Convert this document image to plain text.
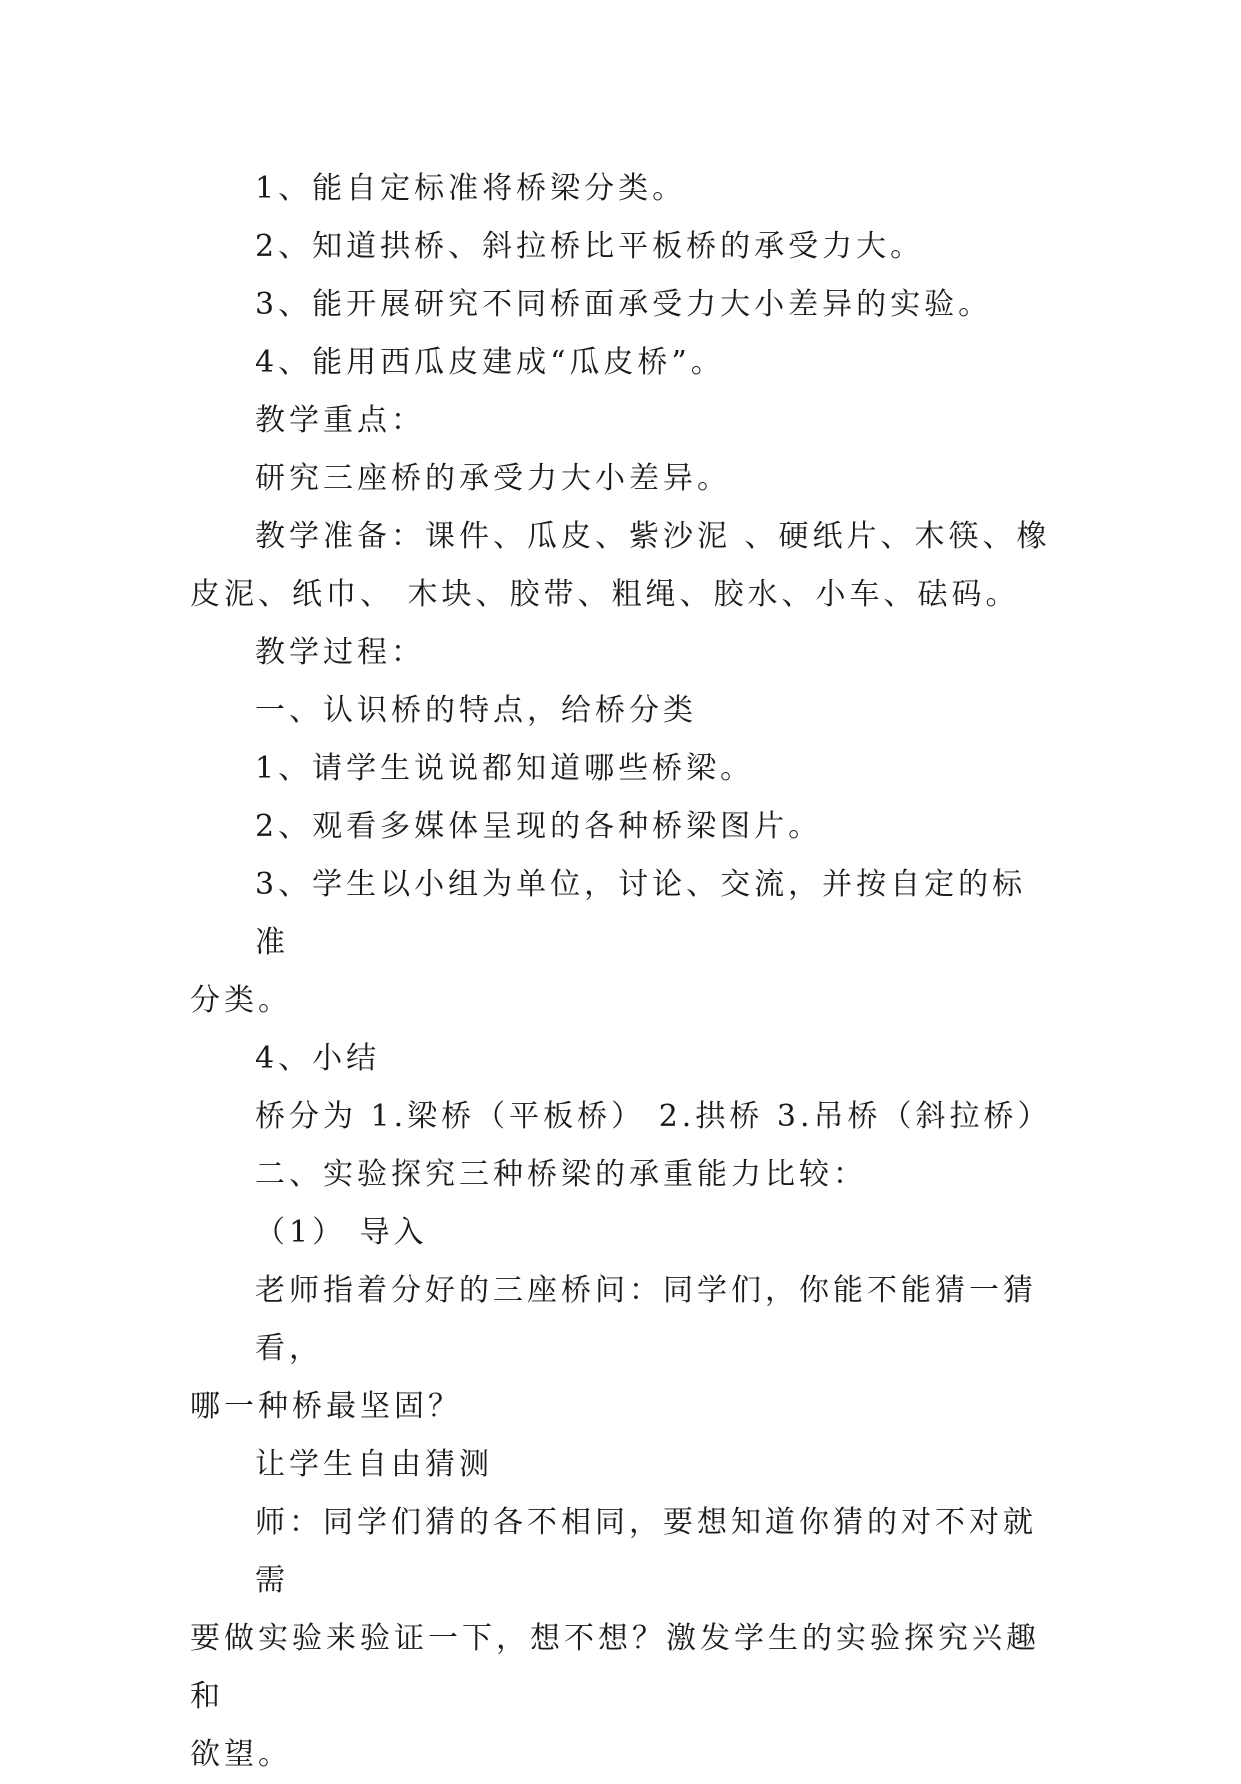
1、能自定标准将桥梁分类。

2、知道拱桥、斜拉桥比平板桥的承受力大。

3、能开展研究不同桥面承受力大小差异的实验。

4、能用西瓜皮建成“瓜皮桥”。

教学重点：

研究三座桥的承受力大小差异。

教学准备：课件、瓜皮、紫沙泥 、硬纸片、木筷、橡

皮泥、纸巾、 木块、胶带、粗绳、胶水、小车、砝码。

教学过程：

一、认识桥的特点，给桥分类

1、请学生说说都知道哪些桥梁。

2、观看多媒体呈现的各种桥梁图片。

3、学生以小组为单位，讨论、交流，并按自定的标准

分类。

4、小结

桥分为 1.梁桥（平板桥） 2.拱桥 3.吊桥（斜拉桥）

二、实验探究三种桥梁的承重能力比较：

（1） 导入

老师指着分好的三座桥问：同学们，你能不能猜一猜看，

哪一种桥最坚固？

让学生自由猜测

师：同学们猜的各不相同，要想知道你猜的对不对就需

要做实验来验证一下，想不想？激发学生的实验探究兴趣和

欲望。
